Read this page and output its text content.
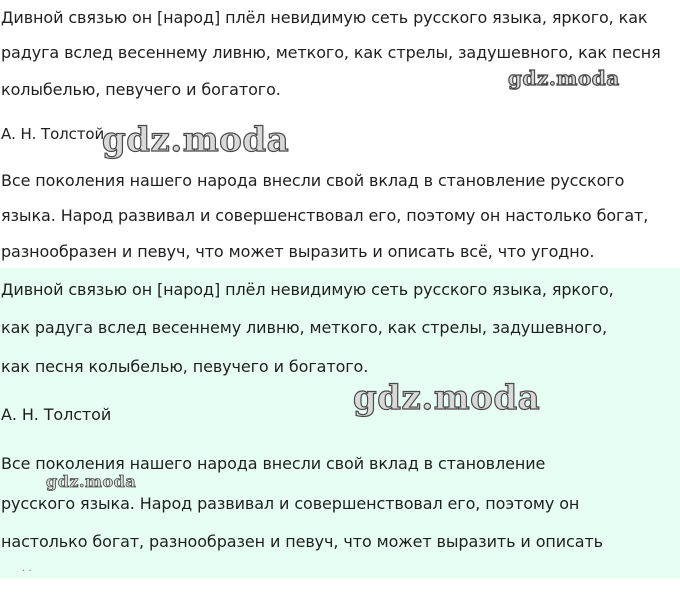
Дивной связью он [народ] плёл невидимую сеть русского языка, яркого, как
радуга вслед весеннему ливню, меткого, как стрелы, задушевного, как песня
колыбелью, певучего и богатого.
А. Н. Толстой
Все поколения нашего народа внесли свой вклад в становление русского
языка. Народ развивал и совершенствовал его, поэтому он настолько богат,
разнообразен и певуч, что может выразить и описать всё, что угодно.
Дивной связью он [народ] плёл невидимую сеть русского языка, яркого,
как радуга вслед весеннему ливню, меткого, как стрелы, задушевного,
как песня колыбелью, певучего и богатого.
А. Н. Толстой
Все поколения нашего народа внесли свой вклад в становление
русского языка. Народ развивал и совершенствовал его, поэтому он
настолько богат, разнообразен и певуч, что может выразить и описать
· ·
gdz.moda
gdz.moda
gdz.moda
gdz.moda
